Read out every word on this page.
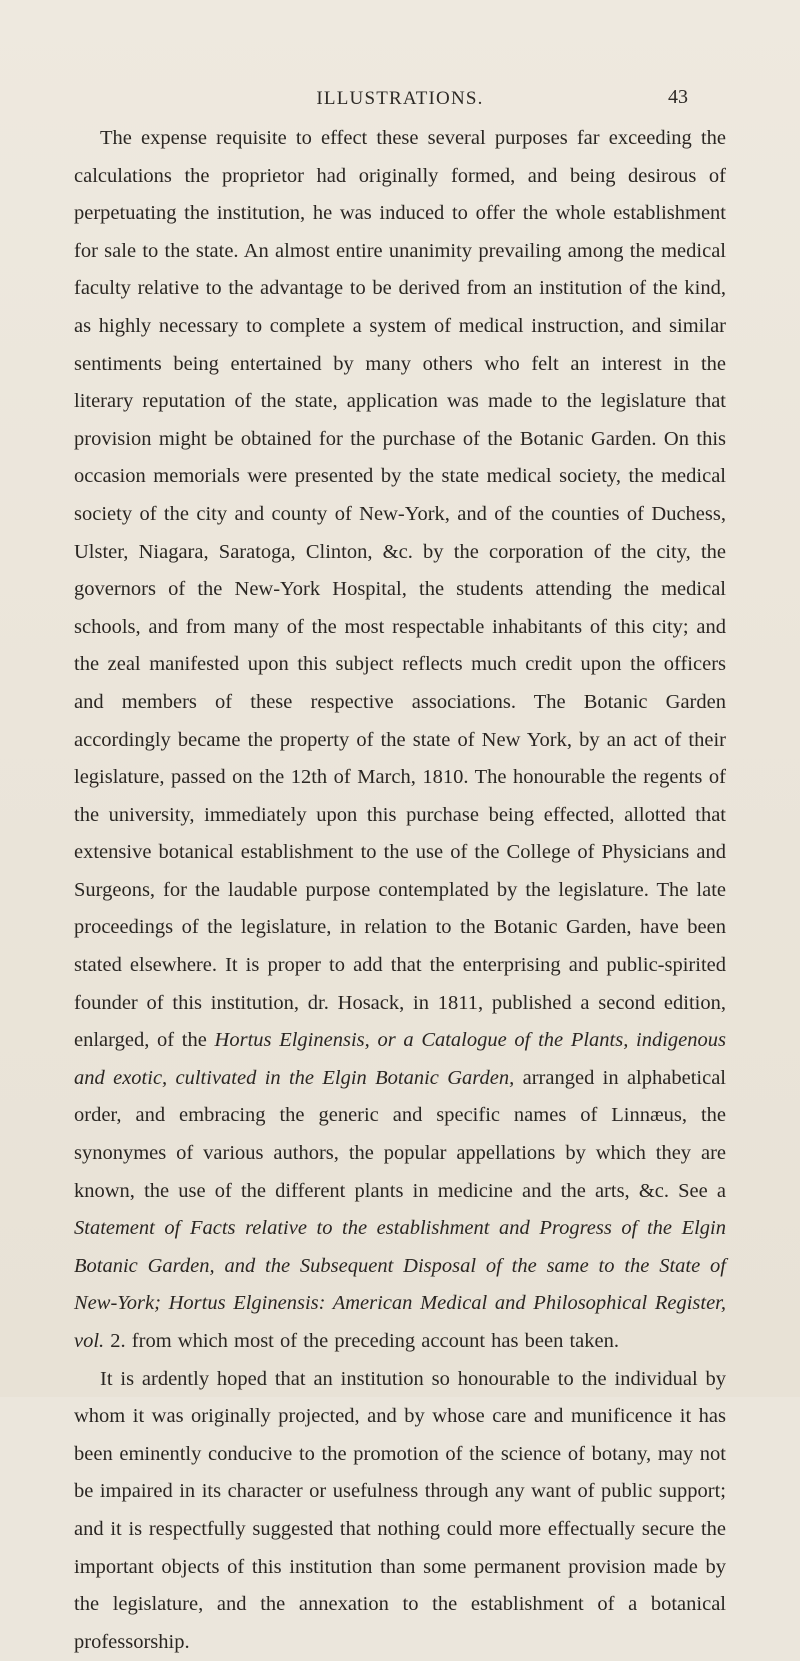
ILLUSTRATIONS.	43

The expense requisite to effect these several purposes far exceeding the calculations the proprietor had originally formed, and being desirous of perpetuating the institution, he was induced to offer the whole establishment for sale to the state. An almost entire unanimity prevailing among the medical faculty relative to the advantage to be derived from an institution of the kind, as highly necessary to complete a system of medical instruction, and similar sentiments being entertained by many others who felt an interest in the literary reputation of the state, application was made to the legislature that provision might be obtained for the purchase of the Botanic Garden. On this occasion memorials were presented by the state medical society, the medical society of the city and county of New-York, and of the counties of Duchess, Ulster, Niagara, Saratoga, Clinton, &c. by the corporation of the city, the governors of the New-York Hospital, the students attending the medical schools, and from many of the most respectable inhabitants of this city; and the zeal manifested upon this subject reflects much credit upon the officers and members of these respective associations. The Botanic Garden accordingly became the property of the state of New York, by an act of their legislature, passed on the 12th of March, 1810. The honourable the regents of the university, immediately upon this purchase being effected, allotted that extensive botanical establishment to the use of the College of Physicians and Surgeons, for the laudable purpose contemplated by the legislature. The late proceedings of the legislature, in relation to the Botanic Garden, have been stated elsewhere. It is proper to add that the enterprising and public-spirited founder of this institution, dr. Hosack, in 1811, published a second edition, enlarged, of the Hortus Elginensis, or a Catalogue of the Plants, indigenous and exotic, cultivated in the Elgin Botanic Garden, arranged in alphabetical order, and embracing the generic and specific names of Linnæus, the synonymes of various authors, the popular appellations by which they are known, the use of the different plants in medicine and the arts, &c. See a Statement of Facts relative to the establishment and Progress of the Elgin Botanic Garden, and the Subsequent Disposal of the same to the State of New-York; Hortus Elginensis: American Medical and Philosophical Register, vol. 2. from which most of the preceding account has been taken.

It is ardently hoped that an institution so honourable to the individual by whom it was originally projected, and by whose care and munificence it has been eminently conducive to the promotion of the science of botany, may not be impaired in its character or usefulness through any want of public support; and it is respectfully suggested that nothing could more effectually secure the important objects of this institution than some permanent provision made by the legislature, and the annexation to the establishment of a botanical professorship.
